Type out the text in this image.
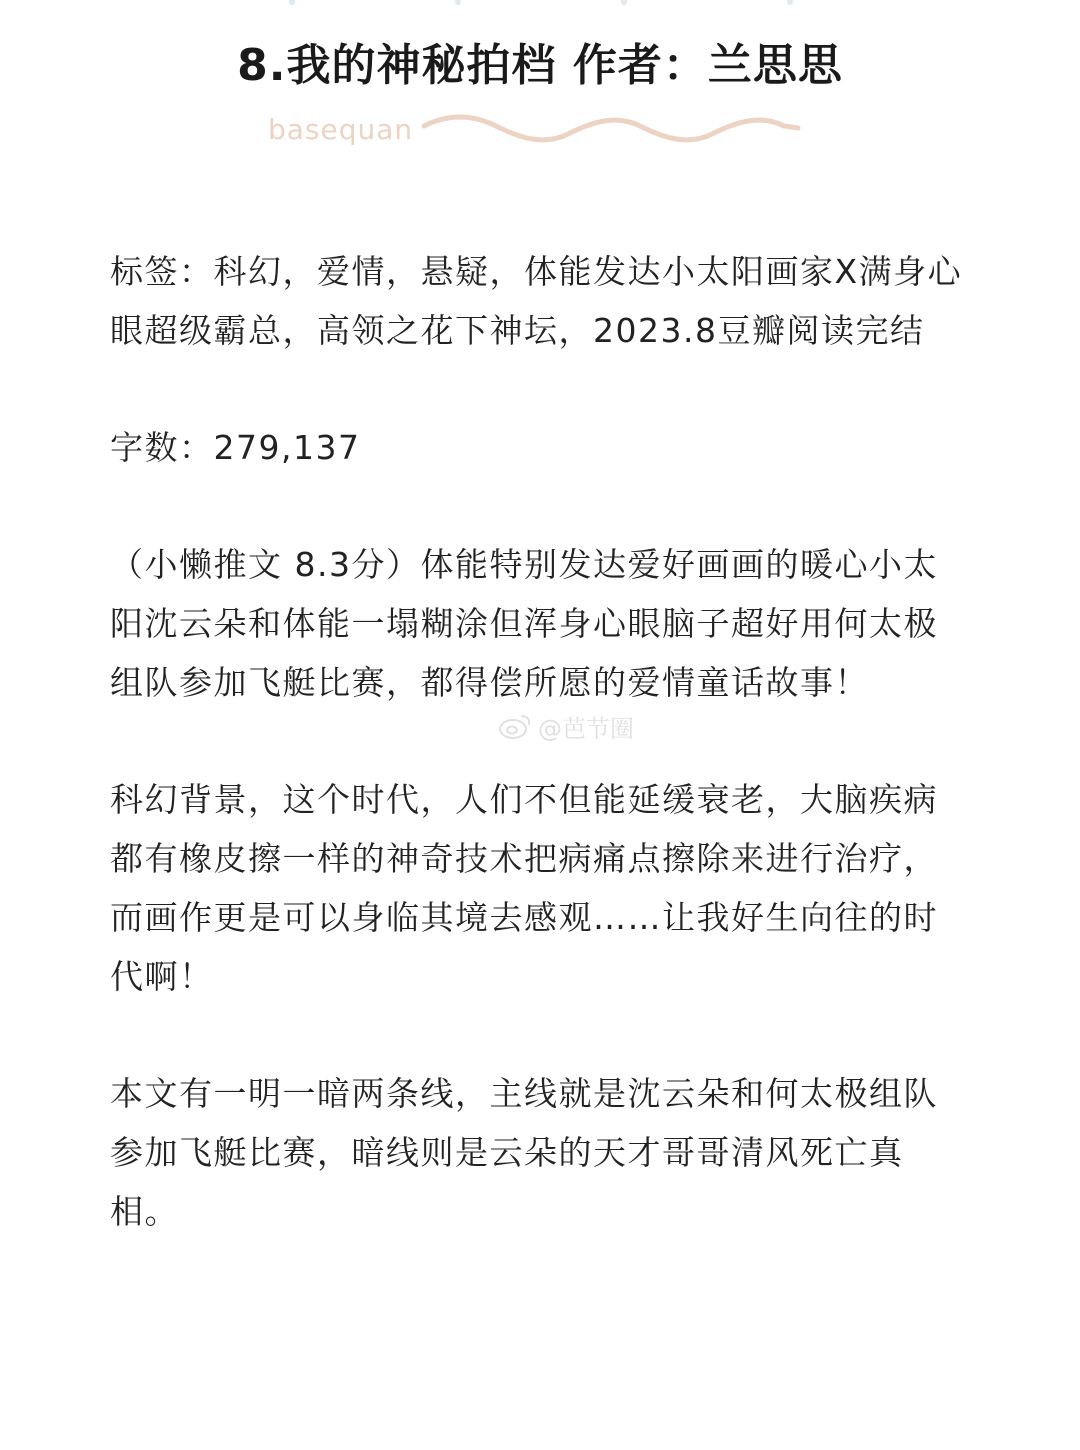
8.我的神秘拍档 作者：兰思思
basequan

标签：科幻，爱情，悬疑，体能发达小太阳画家X满身心眼超级霸总，高领之花下神坛，2023.8豆瓣阅读完结

字数：279,137

（小懒推文 8.3分）体能特别发达爱好画画的暖心小太阳沈云朵和体能一塌糊涂但浑身心眼脑子超好用何太极组队参加飞艇比赛，都得偿所愿的爱情童话故事！

科幻背景，这个时代，人们不但能延缓衰老，大脑疾病都有橡皮擦一样的神奇技术把病痛点擦除来进行治疗，而画作更是可以身临其境去感观……让我好生向往的时代啊！

本文有一明一暗两条线，主线就是沈云朵和何太极组队参加飞艇比赛，暗线则是云朵的天才哥哥清风死亡真相。

@芭节圈
